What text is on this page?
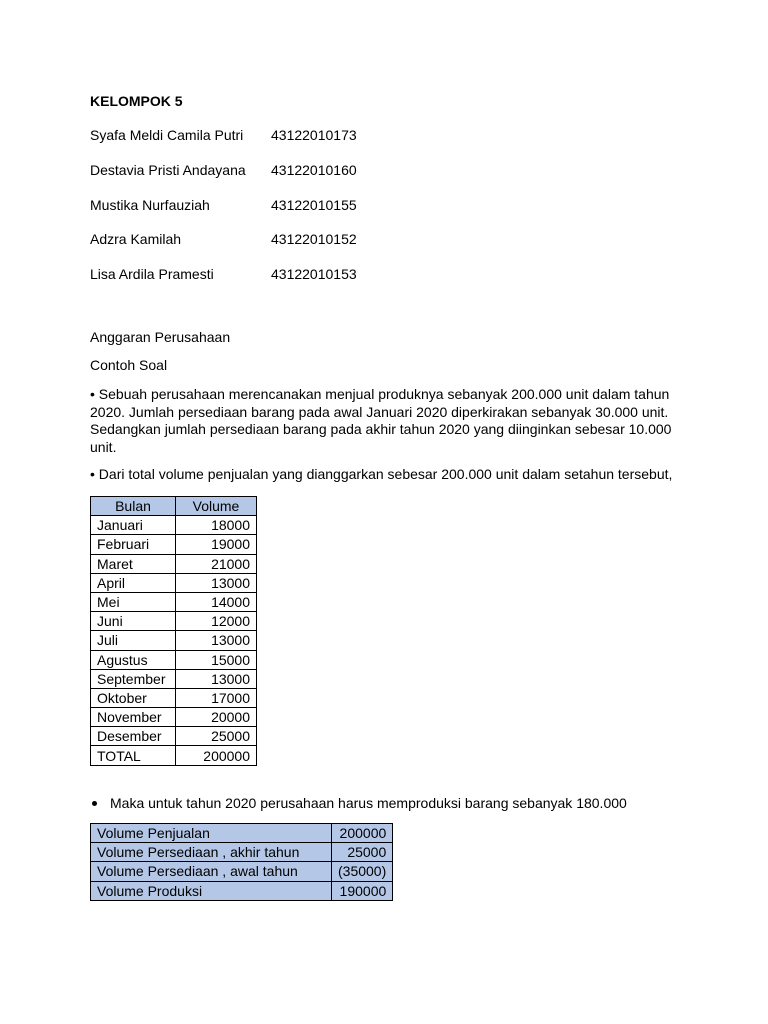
KELOMPOK 5
Syafa Meldi Camila Putri 43122010173
Destavia Pristi Andayana 43122010160
Mustika Nurfauziah	43122010155
Adzra Kamilah	43122010152
Lisa Ardila Pramesti	43122010153
Anggaran Perusahaan
Contoh Soal
• Sebuah perusahaan merencanakan menjual produknya sebanyak 200.000 unit dalam tahun 2020. Jumlah persediaan barang pada awal Januari 2020 diperkirakan sebanyak 30.000 unit. Sedangkan jumlah persediaan barang pada akhir tahun 2020 yang diinginkan sebesar 10.000 unit.
• Dari total volume penjualan yang dianggarkan sebesar 200.000 unit dalam setahun tersebut,
Bulan	Volume
Januari	18000
Februari	19000
Maret	21000
April	13000
Mei	14000
Juni	12000
Juli	13000
Agustus	15000
September	13000
Oktober	17000
November	20000
Desember	25000
TOTAL	200000
Maka untuk tahun 2020 perusahaan harus memproduksi barang sebanyak 180.000
Volume Penjualan	200000
Volume Persediaan , akhir tahun	25000
Volume Persediaan , awal tahun	(35000)
Volume Produksi	190000
